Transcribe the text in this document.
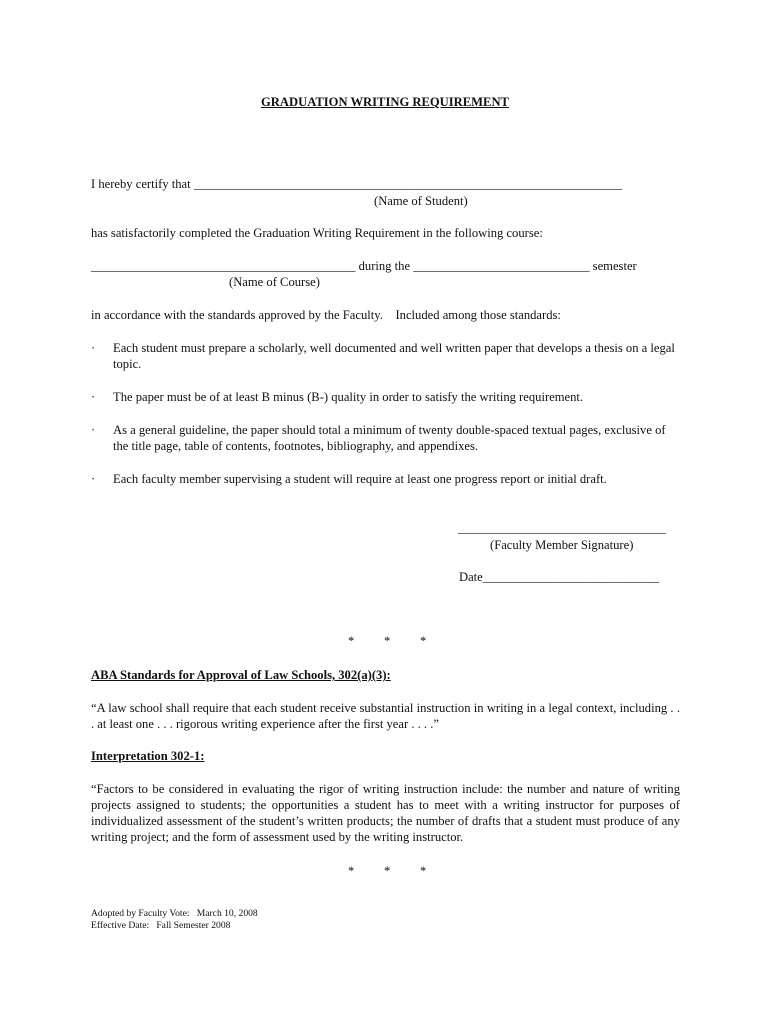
GRADUATION WRITING REQUIREMENT
I hereby certify that ____________________________________________________________________
(Name of Student)
has satisfactorily completed the Graduation Writing Requirement in the following course:
__________________________________________ during the ____________________________ semester
(Name of Course)
in accordance with the standards approved by the Faculty.    Included among those standards:
· Each student must prepare a scholarly, well documented and well written paper that develops a thesis on a legal topic.
· The paper must be of at least B minus (B-) quality in order to satisfy the writing requirement.
· As a general guideline, the paper should total a minimum of twenty double-spaced textual pages, exclusive of the title page, table of contents, footnotes, bibliography, and appendixes.
· Each faculty member supervising a student will require at least one progress report or initial draft.
_________________________________
(Faculty Member Signature)
Date____________________________
*	*	*
ABA Standards for Approval of Law Schools, 302(a)(3):
“A law school shall require that each student receive substantial instruction in writing in a legal context, including . . . at least one . . . rigorous writing experience after the first year . . . .”
Interpretation 302-1:
“Factors to be considered in evaluating the rigor of writing instruction include: the number and nature of writing projects assigned to students; the opportunities a student has to meet with a writing instructor for purposes of individualized assessment of the student’s written products; the number of drafts that a student must produce of any writing project; and the form of assessment used by the writing instructor.
*	*	*
Adopted by Faculty Vote:   March 10, 2008
Effective Date:   Fall Semester 2008
